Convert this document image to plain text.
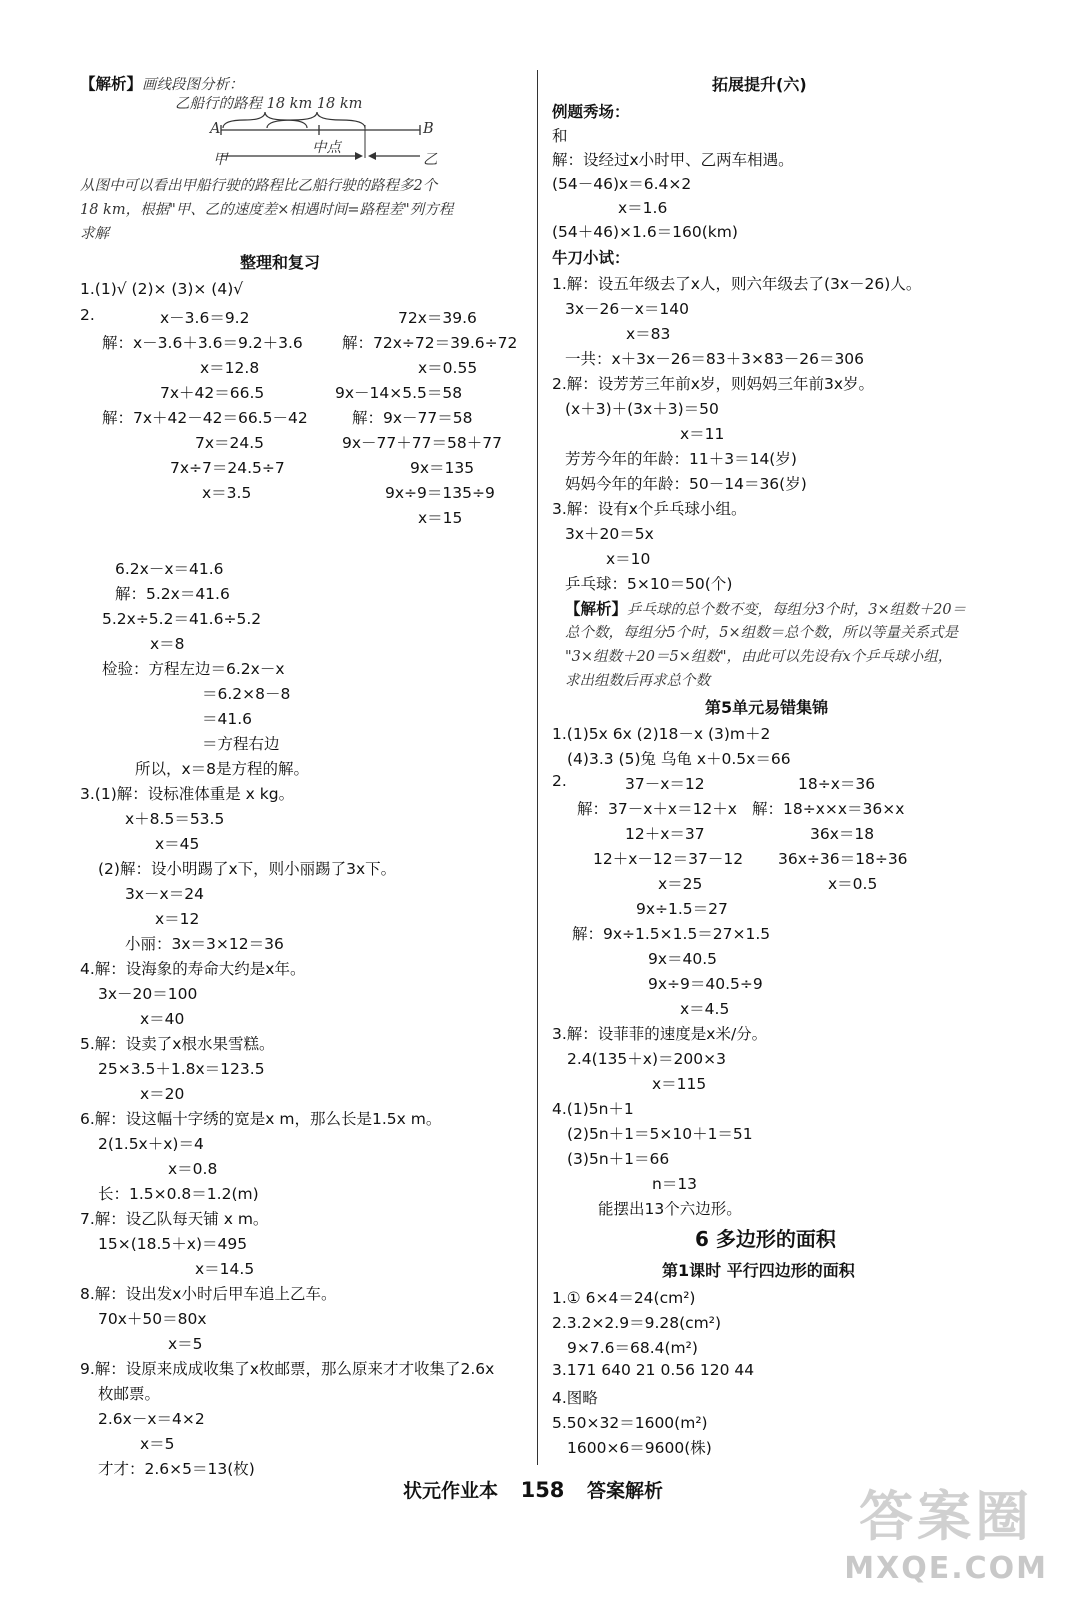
【解析】画线段图分析：
乙船行的路程 18 km 18 km
A	B
中点
甲	乙
从图中可以看出甲船行驶的路程比乙船行驶的路程多2个
18 km，根据"甲、乙的速度差×相遇时间=路程差"列方程
求解
整理和复习
1.(1)√ (2)× (3)× (4)√
2.	x－3.6＝9.2	72x＝39.6
解：x－3.6＋3.6＝9.2＋3.6	解：72x÷72＝39.6÷72
x＝12.8	x＝0.55
7x＋42＝66.5	9x－14×5.5＝58
解：7x＋42－42＝66.5－42	解：9x－77＝58
7x＝24.5	9x－77＋77＝58＋77
7x÷7＝24.5÷7	9x＝135
x＝3.5	9x÷9＝135÷9
x＝15
6.2x－x＝41.6
解：5.2x＝41.6
5.2x÷5.2＝41.6÷5.2
x＝8
检验：方程左边＝6.2x－x
＝6.2×8－8
＝41.6
＝方程右边
所以，x＝8是方程的解。
3.(1)解：设标准体重是 x kg。
x＋8.5＝53.5
x＝45
(2)解：设小明踢了x下，则小丽踢了3x下。
3x－x＝24
x＝12
小丽：3x＝3×12＝36
4.解：设海象的寿命大约是x年。
3x－20＝100
x＝40
5.解：设卖了x根水果雪糕。
25×3.5＋1.8x＝123.5
x＝20
6.解：设这幅十字绣的宽是x m，那么长是1.5x m。
2(1.5x＋x)＝4
x＝0.8
长：1.5×0.8＝1.2(m)
7.解：设乙队每天铺 x m。
15×(18.5＋x)＝495
x＝14.5
8.解：设出发x小时后甲车追上乙车。
70x＋50＝80x
x＝5
9.解：设原来成成收集了x枚邮票，那么原来才才收集了2.6x
枚邮票。
2.6x－x＝4×2
x＝5
才才：2.6×5＝13(枚)
拓展提升(六)
例题秀场：
和
解：设经过x小时甲、乙两车相遇。
(54－46)x＝6.4×2
x＝1.6
(54＋46)×1.6＝160(km)
牛刀小试：
1.解：设五年级去了x人，则六年级去了(3x－26)人。
3x－26－x＝140
x＝83
一共：x＋3x－26＝83＋3×83－26＝306
2.解：设芳芳三年前x岁，则妈妈三年前3x岁。
(x＋3)＋(3x＋3)＝50
x＝11
芳芳今年的年龄：11＋3＝14(岁)
妈妈今年的年龄：50－14＝36(岁)
3.解：设有x个乒乓球小组。
3x＋20＝5x
x＝10
乒乓球：5×10＝50(个)
【解析】乒乓球的总个数不变，每组分3个时，3×组数＋20＝
总个数，每组分5个时，5×组数＝总个数，所以等量关系式是
"3×组数＋20＝5×组数"，由此可以先设有x个乒乓球小组，
求出组数后再求总个数
第5单元易错集锦
1.(1)5x 6x (2)18－x (3)m＋2
(4)3.3 (5)兔 乌龟 x＋0.5x＝66
2.	37－x＝12	18÷x＝36
解：37－x＋x＝12＋x 解：18÷x×x＝36×x
12＋x＝37	36x＝18
12＋x－12＝37－12 36x÷36＝18÷36
x＝25	x＝0.5
9x÷1.5＝27
解：9x÷1.5×1.5＝27×1.5
9x＝40.5
9x÷9＝40.5÷9
x＝4.5
3.解：设菲菲的速度是x米/分。
2.4(135＋x)＝200×3
x＝115
4.(1)5n＋1
(2)5n＋1＝5×10＋1＝51
(3)5n＋1＝66
n＝13
能摆出13个六边形。
6 多边形的面积
第1课时 平行四边形的面积
1.① 6×4＝24(cm²)
2.3.2×2.9＝9.28(cm²)
9×7.6＝68.4(m²)
3.171 640 21 0.56 120 44
4.图略
5.50×32＝1600(m²)
1600×6＝9600(株)
状元作业本 158 答案解析	答案圈
MXQE.COM
